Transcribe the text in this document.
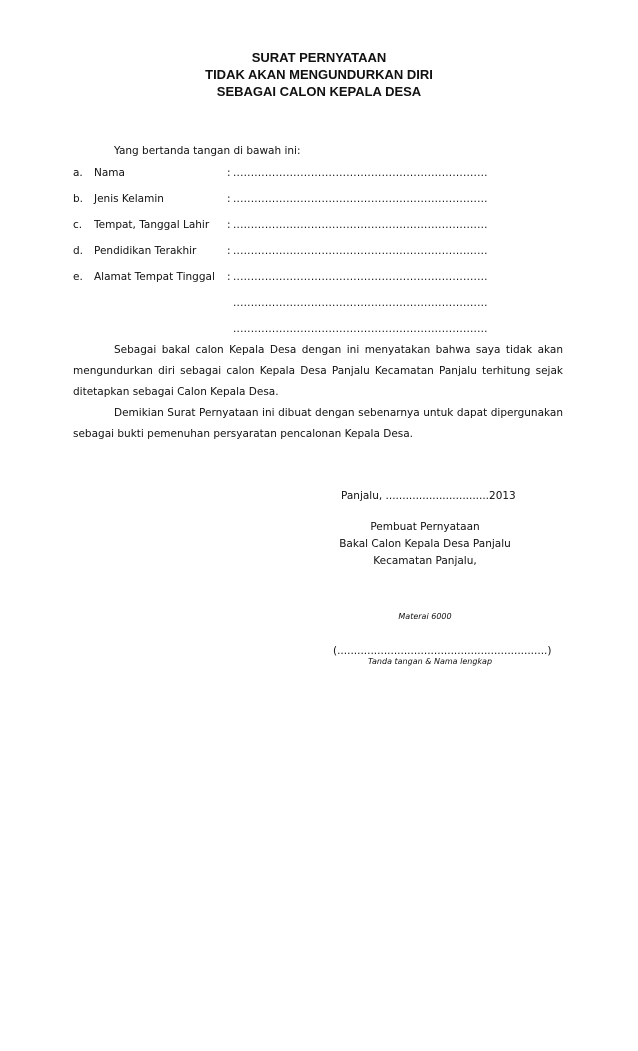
SURAT PERNYATAAN
TIDAK AKAN MENGUNDURKAN DIRI
SEBAGAI CALON KEPALA DESA
Yang bertanda tangan di bawah ini:
a. Nama	: ........................................................................
b. Jenis Kelamin	: ........................................................................
c. Tempat, Tanggal Lahir : ........................................................................
d. Pendidikan Terakhir	: ........................................................................
e. Alamat Tempat Tinggal : ........................................................................
........................................................................
........................................................................
Sebagai bakal calon Kepala Desa dengan ini menyatakan bahwa saya tidak akan mengundurkan diri sebagai calon Kepala Desa Panjalu Kecamatan Panjalu terhitung sejak ditetapkan sebagai Calon Kepala Desa.
Demikian Surat Pernyataan ini dibuat dengan sebenarnya untuk dapat dipergunakan sebagai bukti pemenuhan persyaratan pencalonan Kepala Desa.
Panjalu, ...............................2013
Pembuat Pernyataan
Bakal Calon Kepala Desa Panjalu
Kecamatan Panjalu,
Materai 6000
(...............................................................)
Tanda tangan & Nama lengkap
